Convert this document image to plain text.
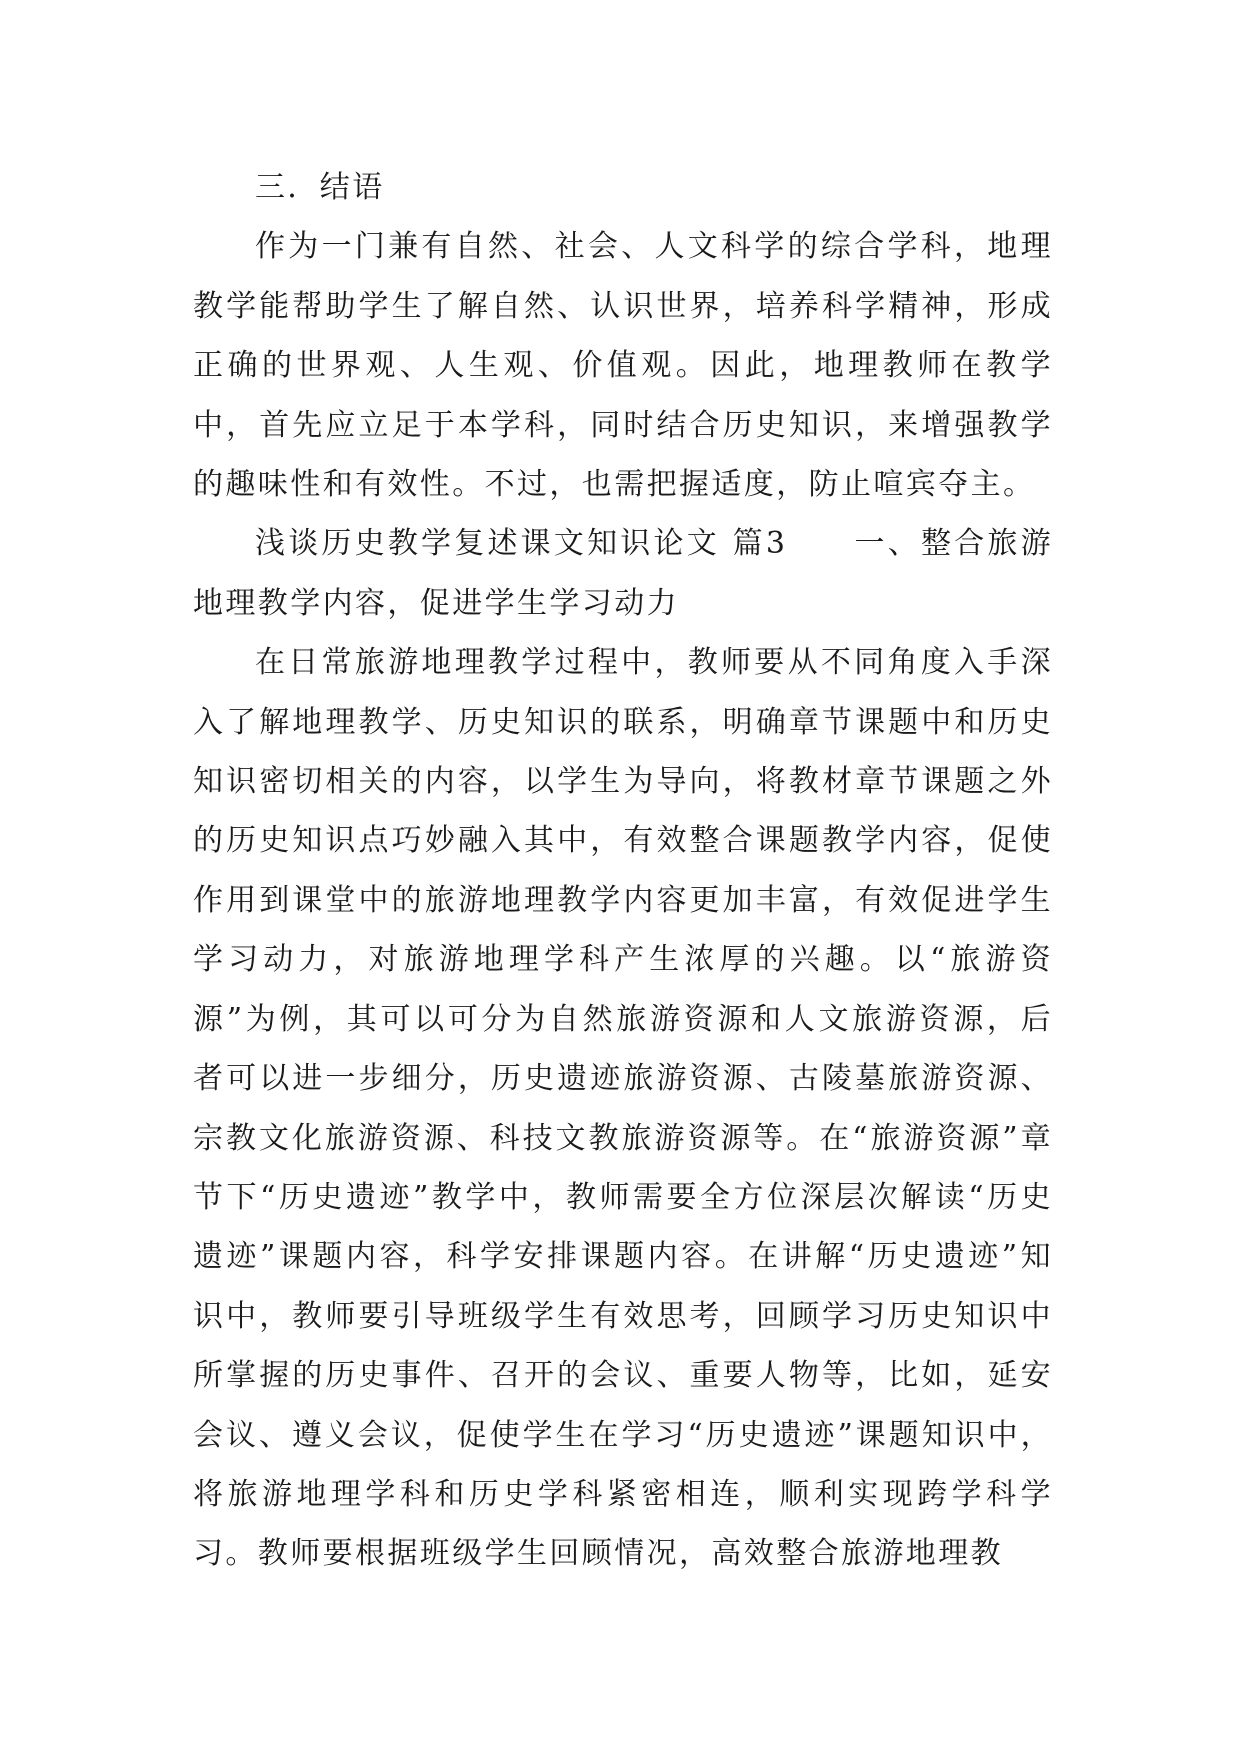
三．结语

作为一门兼有自然、社会、人文科学的综合学科，地理教学能帮助学生了解自然、认识世界，培养科学精神，形成正确的世界观、人生观、价值观。因此，地理教师在教学中，首先应立足于本学科，同时结合历史知识，来增强教学的趣味性和有效性。不过，也需把握适度，防止喧宾夺主。

浅谈历史教学复述课文知识论文 篇3　　一、整合旅游地理教学内容，促进学生学习动力

在日常旅游地理教学过程中，教师要从不同角度入手深入了解地理教学、历史知识的联系，明确章节课题中和历史知识密切相关的内容，以学生为导向，将教材章节课题之外的历史知识点巧妙融入其中，有效整合课题教学内容，促使作用到课堂中的旅游地理教学内容更加丰富，有效促进学生学习动力，对旅游地理学科产生浓厚的兴趣。以“旅游资源”为例，其可以可分为自然旅游资源和人文旅游资源，后者可以进一步细分，历史遗迹旅游资源、古陵墓旅游资源、宗教文化旅游资源、科技文教旅游资源等。在“旅游资源”章节下“历史遗迹”教学中，教师需要全方位深层次解读“历史遗迹”课题内容，科学安排课题内容。在讲解“历史遗迹”知识中，教师要引导班级学生有效思考，回顾学习历史知识中所掌握的历史事件、召开的会议、重要人物等，比如，延安会议、遵义会议，促使学生在学习“历史遗迹”课题知识中，将旅游地理学科和历史学科紧密相连，顺利实现跨学科学习。教师要根据班级学生回顾情况，高效整合旅游地理教
